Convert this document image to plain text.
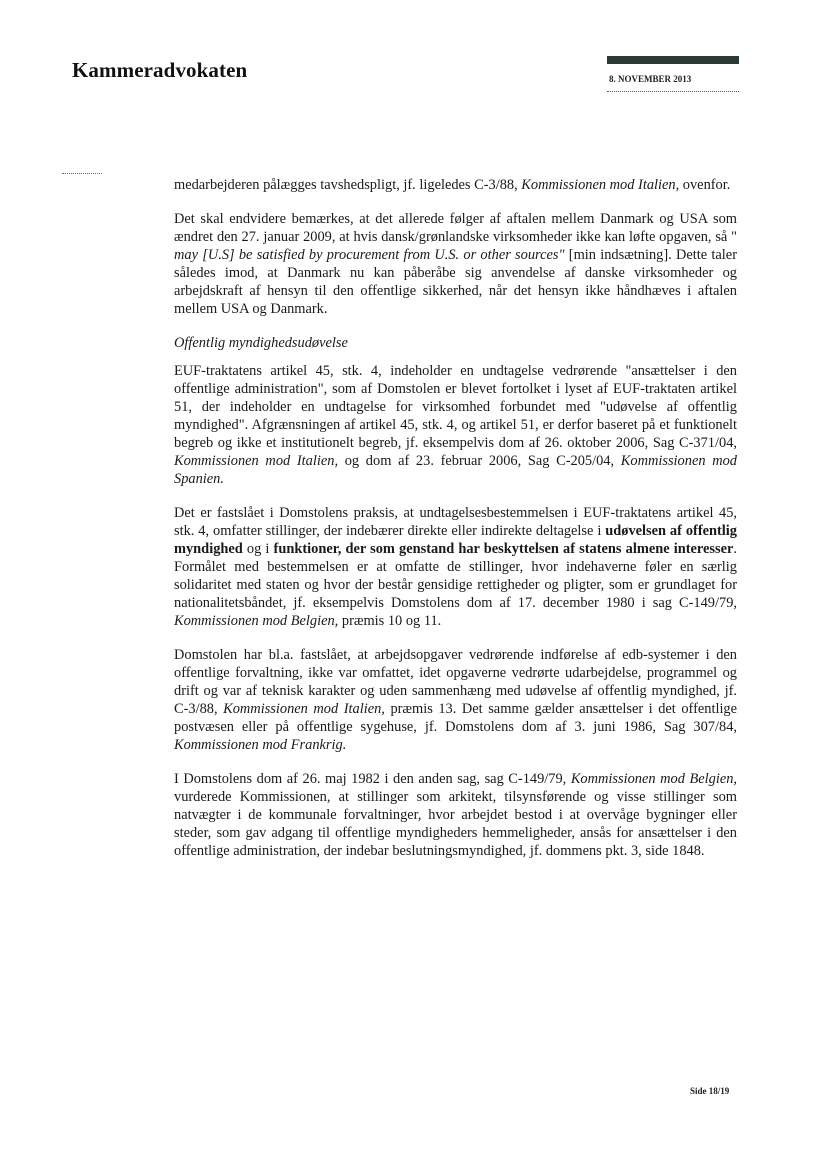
Kammeradvokaten	8. NOVEMBER 2013

medarbejderen pålægges tavshedspligt, jf. ligeledes C-3/88, Kommissionen mod Italien, ovenfor.

Det skal endvidere bemærkes, at det allerede følger af aftalen mellem Danmark og USA som ændret den 27. januar 2009, at hvis dansk/grønlandske virksomheder ikke kan løfte opgaven, så " may [U.S] be satisfied by procurement from U.S. or other sources" [min indsætning]. Dette taler således imod, at Danmark nu kan påberåbe sig anvendelse af danske virksomheder og arbejdskraft af hensyn til den offentlige sikkerhed, når det hensyn ikke håndhæves i aftalen mellem USA og Danmark.

Offentlig myndighedsudøvelse

EUF-traktatens artikel 45, stk. 4, indeholder en undtagelse vedrørende "ansættelser i den offentlige administration", som af Domstolen er blevet fortolket i lyset af EUF-traktaten artikel 51, der indeholder en undtagelse for virksomhed forbundet med "udøvelse af offentlig myndighed". Afgrænsningen af artikel 45, stk. 4, og artikel 51, er derfor baseret på et funktionelt begreb og ikke et institutionelt begreb, jf. eksempelvis dom af 26. oktober 2006, Sag C-371/04, Kommissionen mod Italien, og dom af 23. februar 2006, Sag C-205/04, Kommissionen mod Spanien.

Det er fastslået i Domstolens praksis, at undtagelsesbestemmelsen i EUF-traktatens artikel 45, stk. 4, omfatter stillinger, der indebærer direkte eller indirekte deltagelse i udøvelsen af offentlig myndighed og i funktioner, der som genstand har beskyttelsen af statens almene interesser. Formålet med bestemmelsen er at omfatte de stillinger, hvor indehaverne føler en særlig solidaritet med staten og hvor der består gensidige rettigheder og pligter, som er grundlaget for nationalitetsbåndet, jf. eksempelvis Domstolens dom af 17. december 1980 i sag C-149/79, Kommissionen mod Belgien, præmis 10 og 11.

Domstolen har bl.a. fastslået, at arbejdsopgaver vedrørende indførelse af edb-systemer i den offentlige forvaltning, ikke var omfattet, idet opgaverne vedrørte udarbejdelse, programmel og drift og var af teknisk karakter og uden sammenhæng med udøvelse af offentlig myndighed, jf. C-3/88, Kommissionen mod Italien, præmis 13. Det samme gælder ansættelser i det offentlige postvæsen eller på offentlige sygehuse, jf. Domstolens dom af 3. juni 1986, Sag 307/84, Kommissionen mod Frankrig.

I Domstolens dom af 26. maj 1982 i den anden sag, sag C-149/79, Kommissionen mod Belgien, vurderede Kommissionen, at stillinger som arkitekt, tilsynsførende og visse stillinger som natvægter i de kommunale forvaltninger, hvor arbejdet bestod i at overvåge bygninger eller steder, som gav adgang til offentlige myndigheders hemmeligheder, ansås for ansættelser i den offentlige administration, der indebar beslutningsmyndighed, jf. dommens pkt. 3, side 1848.

Side 18/19
